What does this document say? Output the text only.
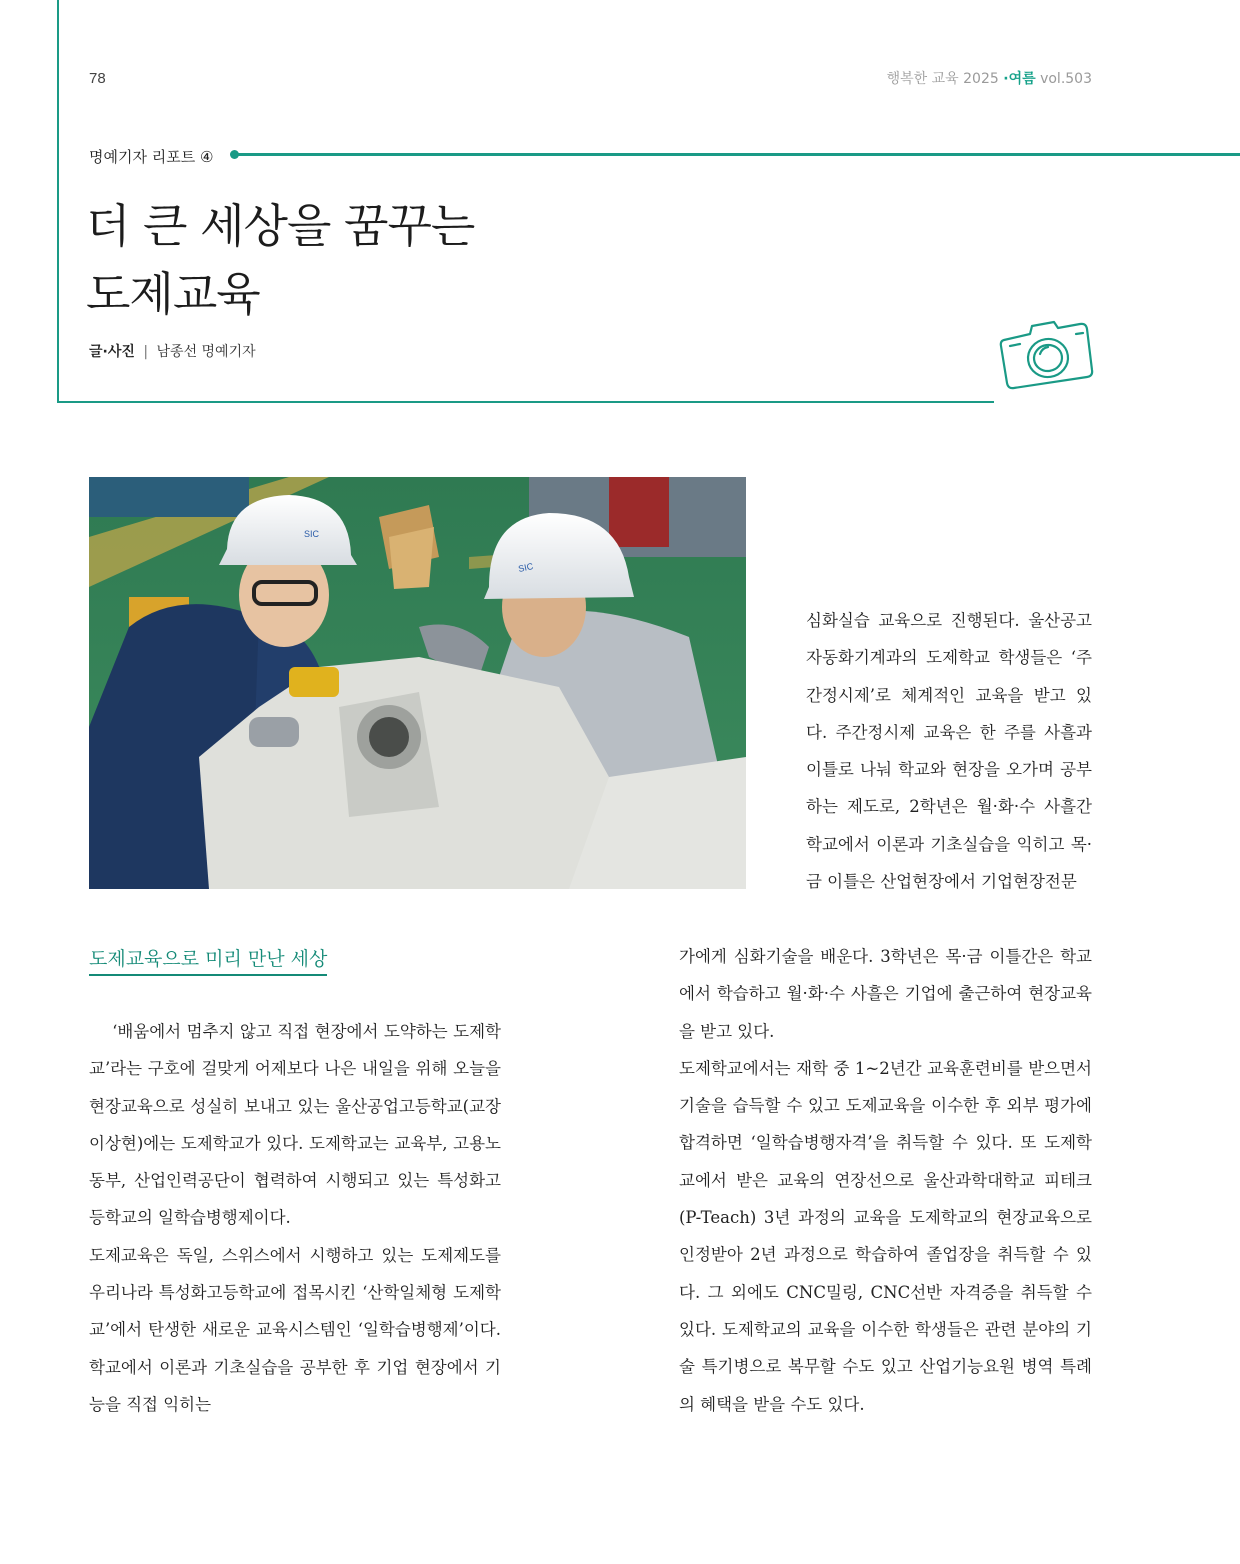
78	행복한 교육 2025 ·여름 vol.503
명예기자 리포트 ④
더 큰 세상을 꿈꾸는
도제교육
글·사진 | 남종선 명예기자
SIC
SIC
도제교육으로 미리 만난 세상

심화실습 교육으로 진행된다. 울산공고 자동화기계과의 도제학교 학생들은 ‘주간정시제’로 체계적인 교육을 받고 있다. 주간정시제 교육은 한 주를 사흘과 이틀로 나눠 학교와 현장을 오가며 공부하는 제도로, 2학년은 월·화·수 사흘간 학교에서 이론과 기초실습을 익히고 목·금 이틀은 산업현장에서 기업현장전문

‘배움에서 멈추지 않고 직접 현장에서 도약하는 도제학교’라는 구호에 걸맞게 어제보다 나은 내일을 위해 오늘을 현장교육으로 성실히 보내고 있는 울산공업고등학교(교장 이상현)에는 도제학교가 있다. 도제학교는 교육부, 고용노동부, 산업인력공단이 협력하여 시행되고 있는 특성화고등학교의 일학습병행제이다.

도제교육은 독일, 스위스에서 시행하고 있는 도제제도를 우리나라 특성화고등학교에 접목시킨 ‘산학일체형 도제학교’에서 탄생한 새로운 교육시스템인 ‘일학습병행제’이다. 학교에서 이론과 기초실습을 공부한 후 기업 현장에서 기능을 직접 익히는

가에게 심화기술을 배운다. 3학년은 목·금 이틀간은 학교에서 학습하고 월·화·수 사흘은 기업에 출근하여 현장교육을 받고 있다.

도제학교에서는 재학 중 1~2년간 교육훈련비를 받으면서 기술을 습득할 수 있고 도제교육을 이수한 후 외부 평가에 합격하면 ‘일학습병행자격’을 취득할 수 있다. 또 도제학교에서 받은 교육의 연장선으로 울산과학대학교 피테크(P-Teach) 3년 과정의 교육을 도제학교의 현장교육으로 인정받아 2년 과정으로 학습하여 졸업장을 취득할 수 있다. 그 외에도 CNC밀링, CNC선반 자격증을 취득할 수 있다. 도제학교의 교육을 이수한 학생들은 관련 분야의 기술 특기병으로 복무할 수도 있고 산업기능요원 병역 특례의 혜택을 받을 수도 있다.
